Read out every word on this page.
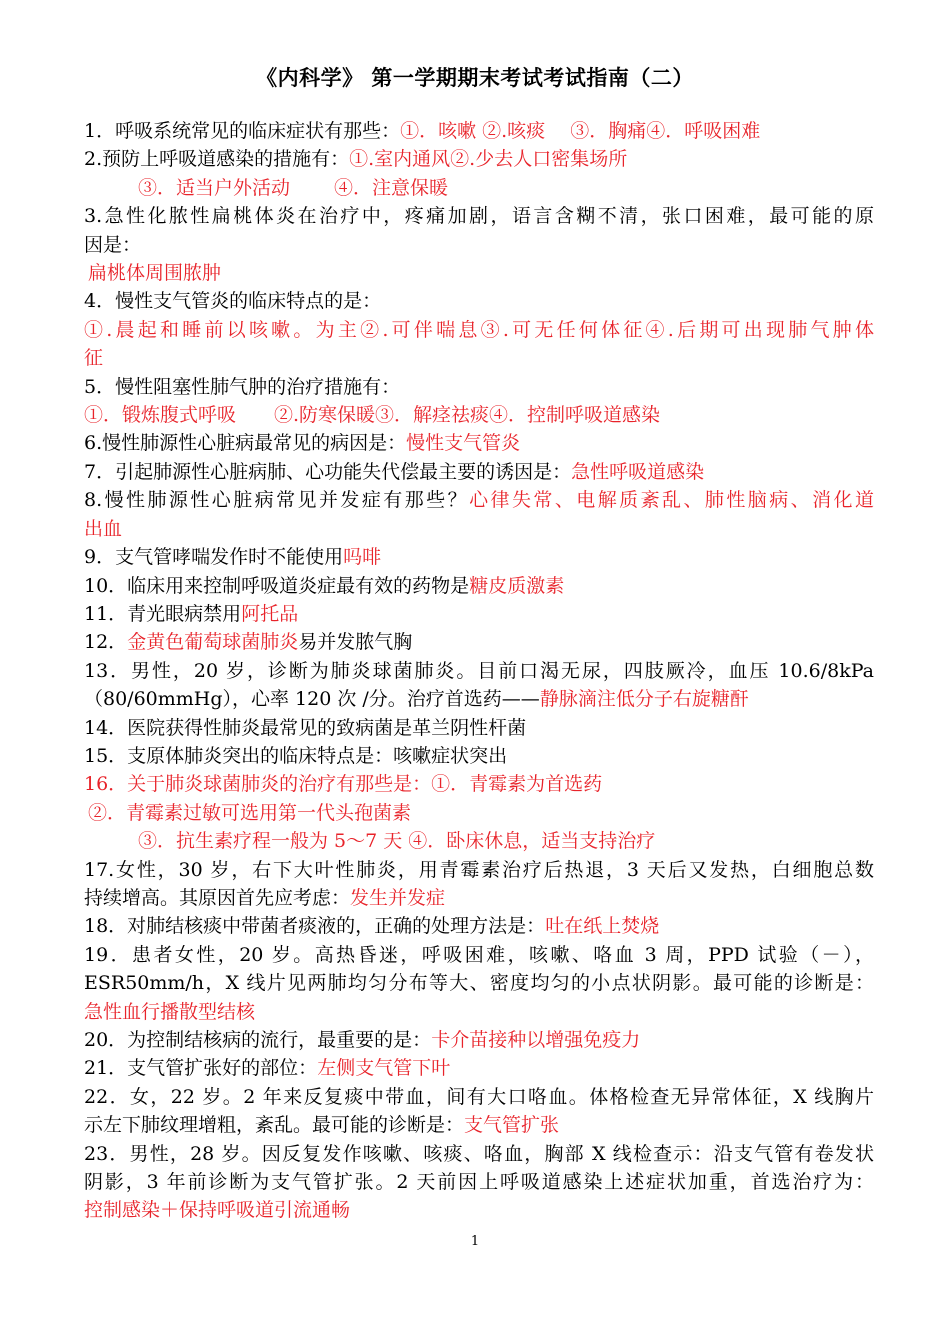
《内科学》 第一学期期末考试考试指南（二）
1．呼吸系统常见的临床症状有那些：①．咳嗽 ②.咳痰　 ③．胸痛④．呼吸困难
2.预防上呼吸道感染的措施有：①.室内通风②.少去人口密集场所
③．适当户外活动　　 ④．注意保暖
3.急性化脓性扁桃体炎在治疗中，疼痛加剧，语言含糊不清，张口困难，最可能的原
因是：
扁桃体周围脓肿
4．慢性支气管炎的临床特点的是：
①.晨起和睡前以咳嗽。为主②.可伴喘息③.可无任何体征④.后期可出现肺气肿体
征
5．慢性阻塞性肺气肿的治疗措施有：
①．锻炼腹式呼吸　　②.防寒保暖③．解痉祛痰④．控制呼吸道感染
6.慢性肺源性心脏病最常见的病因是：慢性支气管炎
7．引起肺源性心脏病肺、心功能失代偿最主要的诱因是：急性呼吸道感染
8.慢性肺源性心脏病常见并发症有那些？心律失常、电解质紊乱、肺性脑病、消化道
出血
9．支气管哮喘发作时不能使用吗啡
10．临床用来控制呼吸道炎症最有效的药物是糖皮质激素
11．青光眼病禁用阿托品
12．金黄色葡萄球菌肺炎易并发脓气胸
13．男性，20 岁，诊断为肺炎球菌肺炎。目前口渴无尿，四肢厥冷，血压 10.6/8kPa
（80/60mmHg），心率 120 次 /分。治疗首选药——静脉滴注低分子右旋糖酐
14．医院获得性肺炎最常见的致病菌是革兰阴性杆菌
15．支原体肺炎突出的临床特点是：咳嗽症状突出
16．关于肺炎球菌肺炎的治疗有那些是：①．青霉素为首选药
②．青霉素过敏可选用第一代头孢菌素
③．抗生素疗程一般为 5～7 天 ④．卧床休息，适当支持治疗
17.女性，30 岁，右下大叶性肺炎，用青霉素治疗后热退，3 天后又发热，白细胞总数
持续增高。其原因首先应考虑：发生并发症
18．对肺结核痰中带菌者痰液的，正确的处理方法是：吐在纸上焚烧
19．患者女性，20 岁。高热昏迷，呼吸困难，咳嗽、咯血 3 周，PPD 试验（－），
ESR50mm/h，X 线片见两肺均匀分布等大、密度均匀的小点状阴影。最可能的诊断是：
急性血行播散型结核
20．为控制结核病的流行，最重要的是：卡介苗接种以增强免疫力
21．支气管扩张好的部位：左侧支气管下叶
22．女，22 岁。2 年来反复痰中带血，间有大口咯血。体格检查无异常体征，X 线胸片
示左下肺纹理增粗，紊乱。最可能的诊断是：支气管扩张
23．男性，28 岁。因反复发作咳嗽、咳痰、咯血，胸部 X 线检查示：沿支气管有卷发状
阴影，3 年前诊断为支气管扩张。2 天前因上呼吸道感染上述症状加重，首选治疗为：
控制感染＋保持呼吸道引流通畅
1
